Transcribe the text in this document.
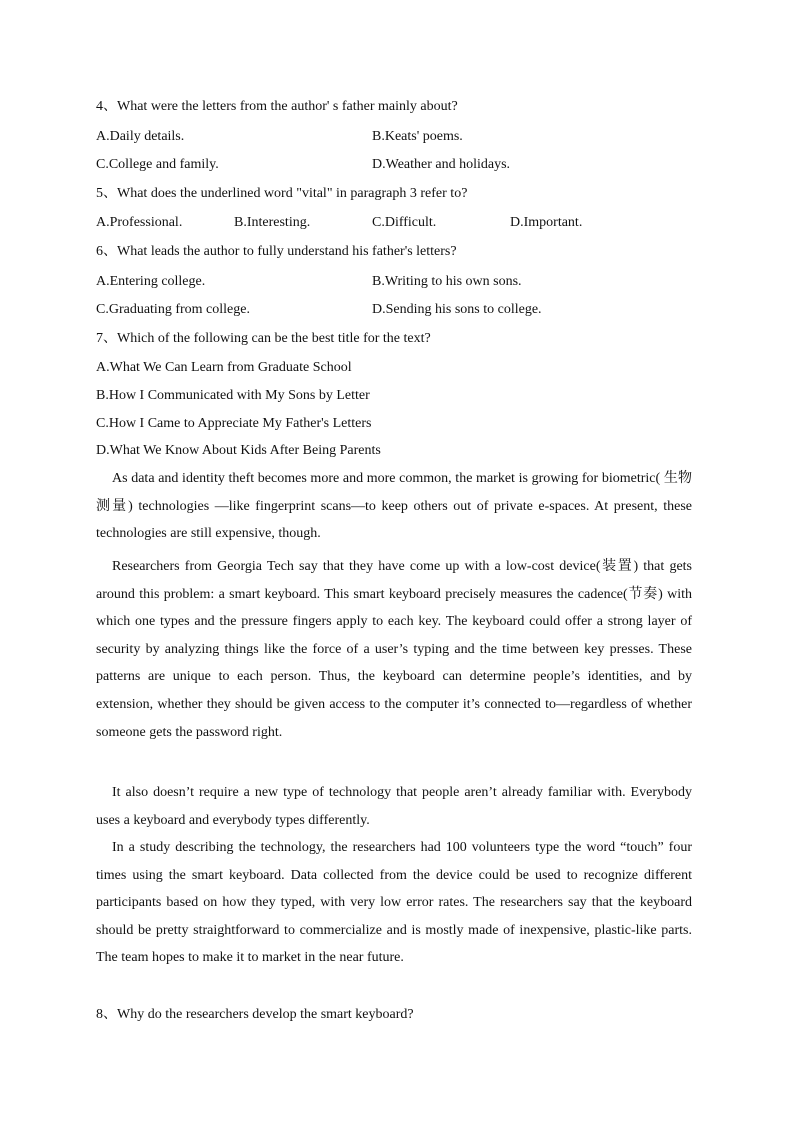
4、What were the letters from the author' s father mainly about?
A.Daily details.	B.Keats' poems.
C.College and family.	D.Weather and holidays.
5、What does the underlined word "vital" in paragraph 3 refer to?
A.Professional.	B.Interesting.	C.Difficult.	D.Important.
6、What leads the author to fully understand his father's letters?
A.Entering college.	B.Writing to his own sons.
C.Graduating from college.	D.Sending his sons to college.
7、Which of the following can be the best title for the text?
A.What We Can Learn from Graduate School
B.How I Communicated with My Sons by Letter
C.How I Came to Appreciate My Father's Letters
D.What We Know About Kids After Being Parents
As data and identity theft becomes more and more common, the market is growing for biometric( 生物测量) technologies —like fingerprint scans—to keep others out of private e-spaces. At present, these technologies are still expensive, though.
Researchers from Georgia Tech say that they have come up with a low-cost device(装置) that gets around this problem: a smart keyboard. This smart keyboard precisely measures the cadence(节奏) with which one types and the pressure fingers apply to each key. The keyboard could offer a strong layer of security by analyzing things like the force of a user’s typing and the time between key presses. These patterns are unique to each person. Thus, the keyboard can determine people’s identities, and by extension, whether they should be given access to the computer it’s connected to—regardless of whether someone gets the password right.
It also doesn’t require a new type of technology that people aren’t already familiar with. Everybody uses a keyboard and everybody types differently.
In a study describing the technology, the researchers had 100 volunteers type the word “touch” four times using the smart keyboard. Data collected from the device could be used to recognize different participants based on how they typed, with very low error rates. The researchers say that the keyboard should be pretty straightforward to commercialize and is mostly made of inexpensive, plastic-like parts. The team hopes to make it to market in the near future.
8、Why do the researchers develop the smart keyboard?
